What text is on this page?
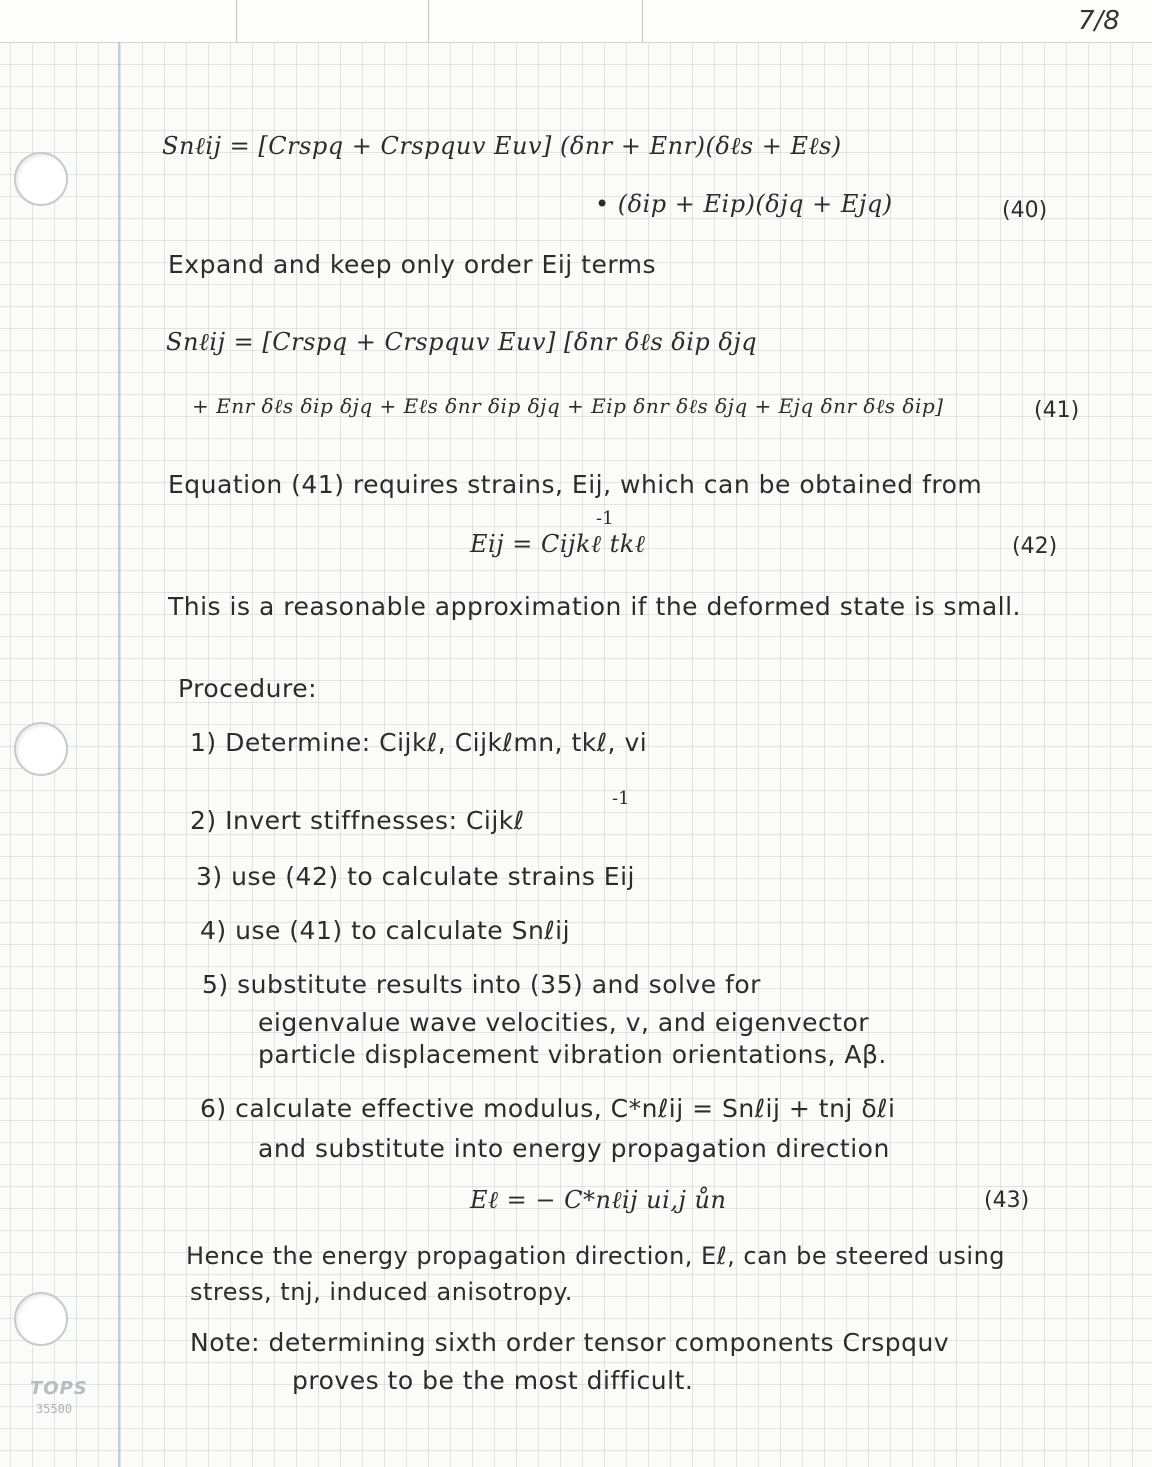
7/8
Snℓij = [Crspq + Crspquv Euv] (δnr + Enr)(δℓs + Eℓs)
• (δip + Eip)(δjq + Ejq)	(40)
Expand and keep only order Eij terms
Snℓij = [Crspq + Crspquv Euv] [δnr δℓs δip δjq
+ Enr δℓs δip δjq + Eℓs δnr δip δjq + Eip δnr δℓs δjq + Ejq δnr δℓs δip]	(41)
Equation (41) requires strains, Eij, which can be obtained from
-1
Eij = Cijkℓ tkℓ	(42)
This is a reasonable approximation if the deformed state is small.
Procedure:
1) Determine: Cijkℓ, Cijkℓmn, tkℓ, vi
2) Invert stiffnesses: Cijkℓ
-1
3) use (42) to calculate strains Eij
4) use (41) to calculate Snℓij
5) substitute results into (35) and solve for
eigenvalue wave velocities, v, and eigenvector
particle displacement vibration orientations, Aβ.
6) calculate effective modulus, C*nℓij = Snℓij + tnj δℓi
and substitute into energy propagation direction
Eℓ = − C*nℓij ui,j ůn	(43)
Hence the energy propagation direction, Eℓ, can be steered using
stress, tnj, induced anisotropy.
Note: determining sixth order tensor components Crspquv
proves to be the most difficult.
TOPS
35500
